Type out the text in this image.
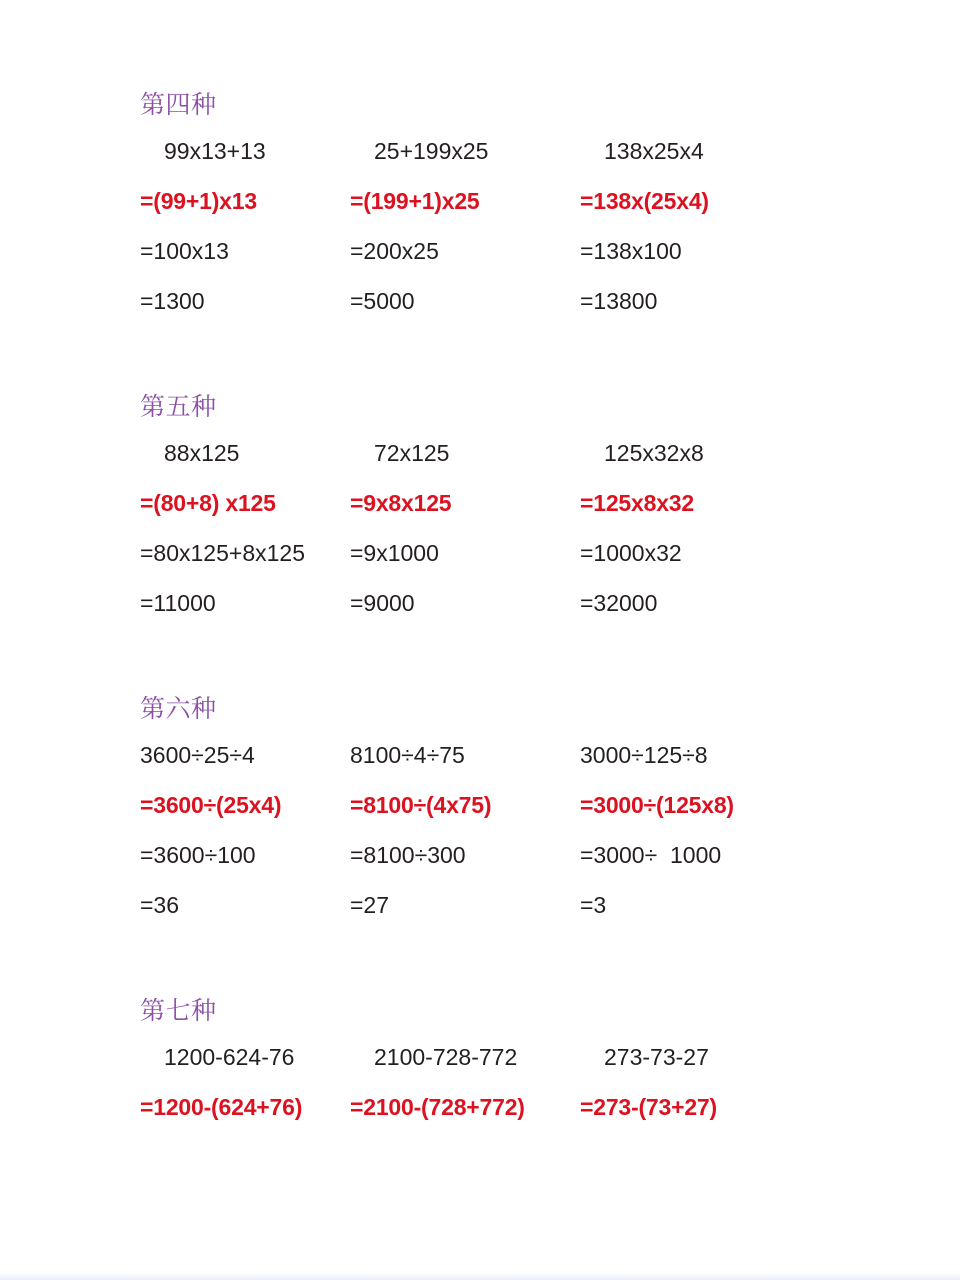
第四种
99x13+13	25+199x25	138x25x4
=(99+1)x13	=(199+1)x25	=138x(25x4)
=100x13	=200x25	=138x100
=1300	=5000	=13800
第五种
88x125	72x125	125x32x8
=(80+8) x125	=9x8x125	=125x8x32
=80x125+8x125 =9x1000	=1000x32
=11000	=9000	=32000
第六种
3600÷25÷4	8100÷4÷75	3000÷125÷8
=3600÷(25x4)	=8100÷(4x75)	=3000÷(125x8)
=3600÷100	=8100÷300	=3000÷  1000
=36	=27	=3
第七种
1200-624-76	2100-728-772	273-73-27
=1200-(624+76) =2100-(728+772) =273-(73+27)
